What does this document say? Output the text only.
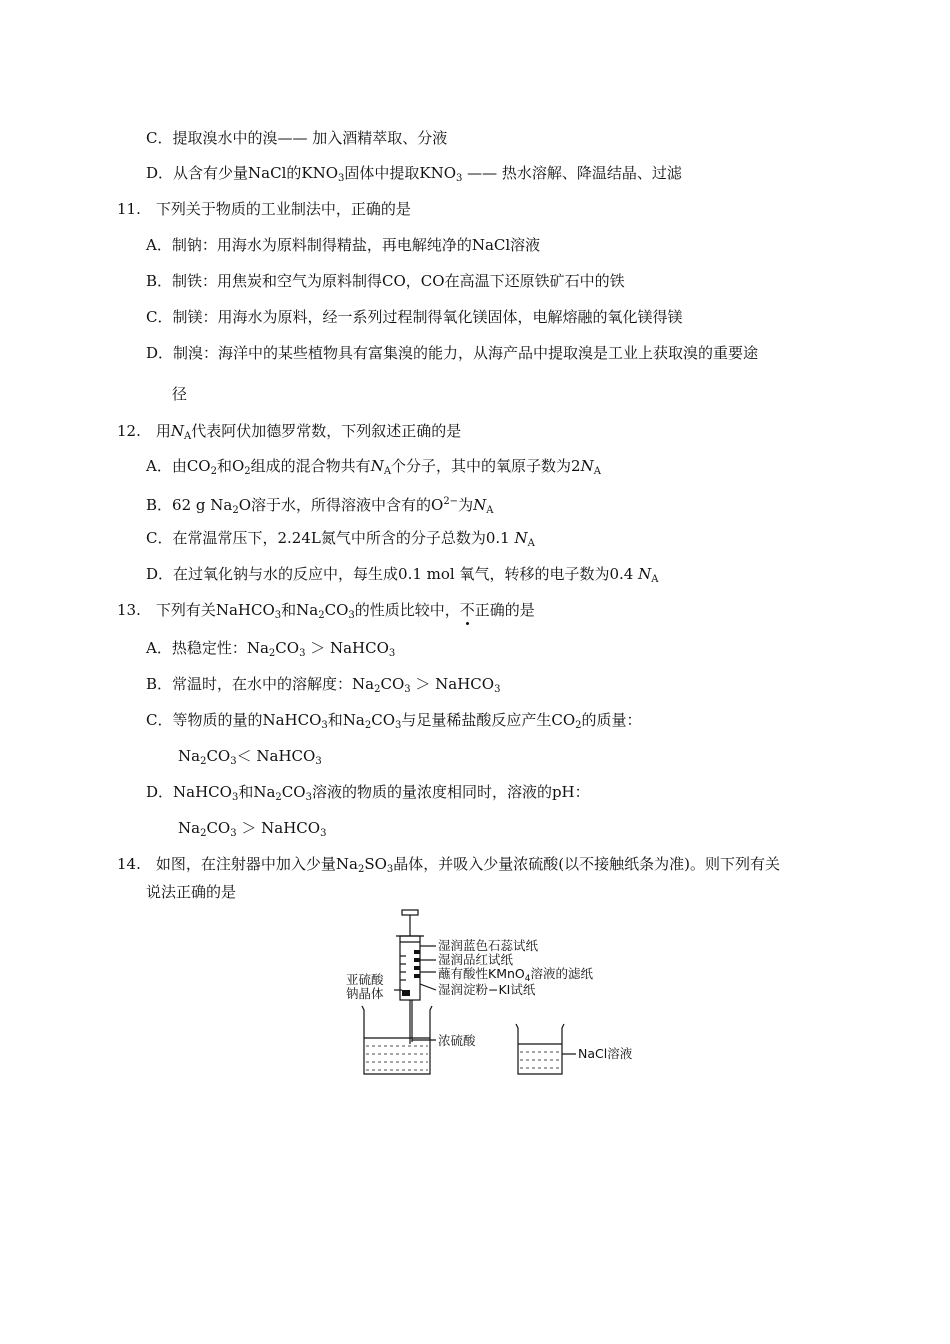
C．提取溴水中的溴—— 加入酒精萃取、分液
D．从含有少量NaCl的$KNO_3$固体中提取$KNO_3$ —— 热水溶解、降温结晶、过滤
11.　下列关于物质的工业制法中，正确的是
A．制钠：用海水为原料制得精盐，再电解纯净的NaCl溶液
B．制铁：用焦炭和空气为原料制得CO，CO在高温下还原铁矿石中的铁
C．制镁：用海水为原料，经一系列过程制得氧化镁固体，电解熔融的氧化镁得镁
D．制溴：海洋中的某些植物具有富集溴的能力，从海产品中提取溴是工业上获取溴的重要途
径
12.　用$N_A$代表阿伏加德罗常数，下列叙述正确的是
A．由$CO_2$和$O_2$组成的混合物共有$N_A$个分子，其中的氧原子数为$2N_A$
B．62 g $Na_2O$溶于水，所得溶液中含有的$O^{2-}$为$N_A$
C．在常温常压下，2.24L氮气中所含的分子总数为0.1 $N_A$
D．在过氧化钠与水的反应中，每生成0.1 mol 氧气，转移的电子数为0.4 $N_A$
13.　下列有关NaHCO$_3$和$Na_2CO_3$的性质比较中，不正确的是
A．热稳定性：$Na_2CO_3$ ＞ NaHCO$_3$
B．常温时，在水中的溶解度：$Na_2CO_3$ ＞ NaHCO$_3$
C．等物质的量的NaHCO$_3$和$Na_2CO_3$与足量稀盐酸反应产生$CO_2$的质量：
$Na_2CO_3<$ NaHCO$_3$
D．NaHCO$_3$和$Na_2CO_3$溶液的物质的量浓度相同时，溶液的pH：
$Na_2CO_3$ ＞ NaHCO$_3$
14.　如图，在注射器中加入少量$Na_2SO_3$晶体，并吸入少量浓硫酸(以不接触纸条为准)。则下列有关
说法正确的是
湿润蓝色石蕊试纸
湿润品红试纸
蘸有酸性KMnO$_4$溶液的滤纸
湿润淀粉−KI试纸
亚硫酸
钠晶体
浓硫酸
NaCl溶液
